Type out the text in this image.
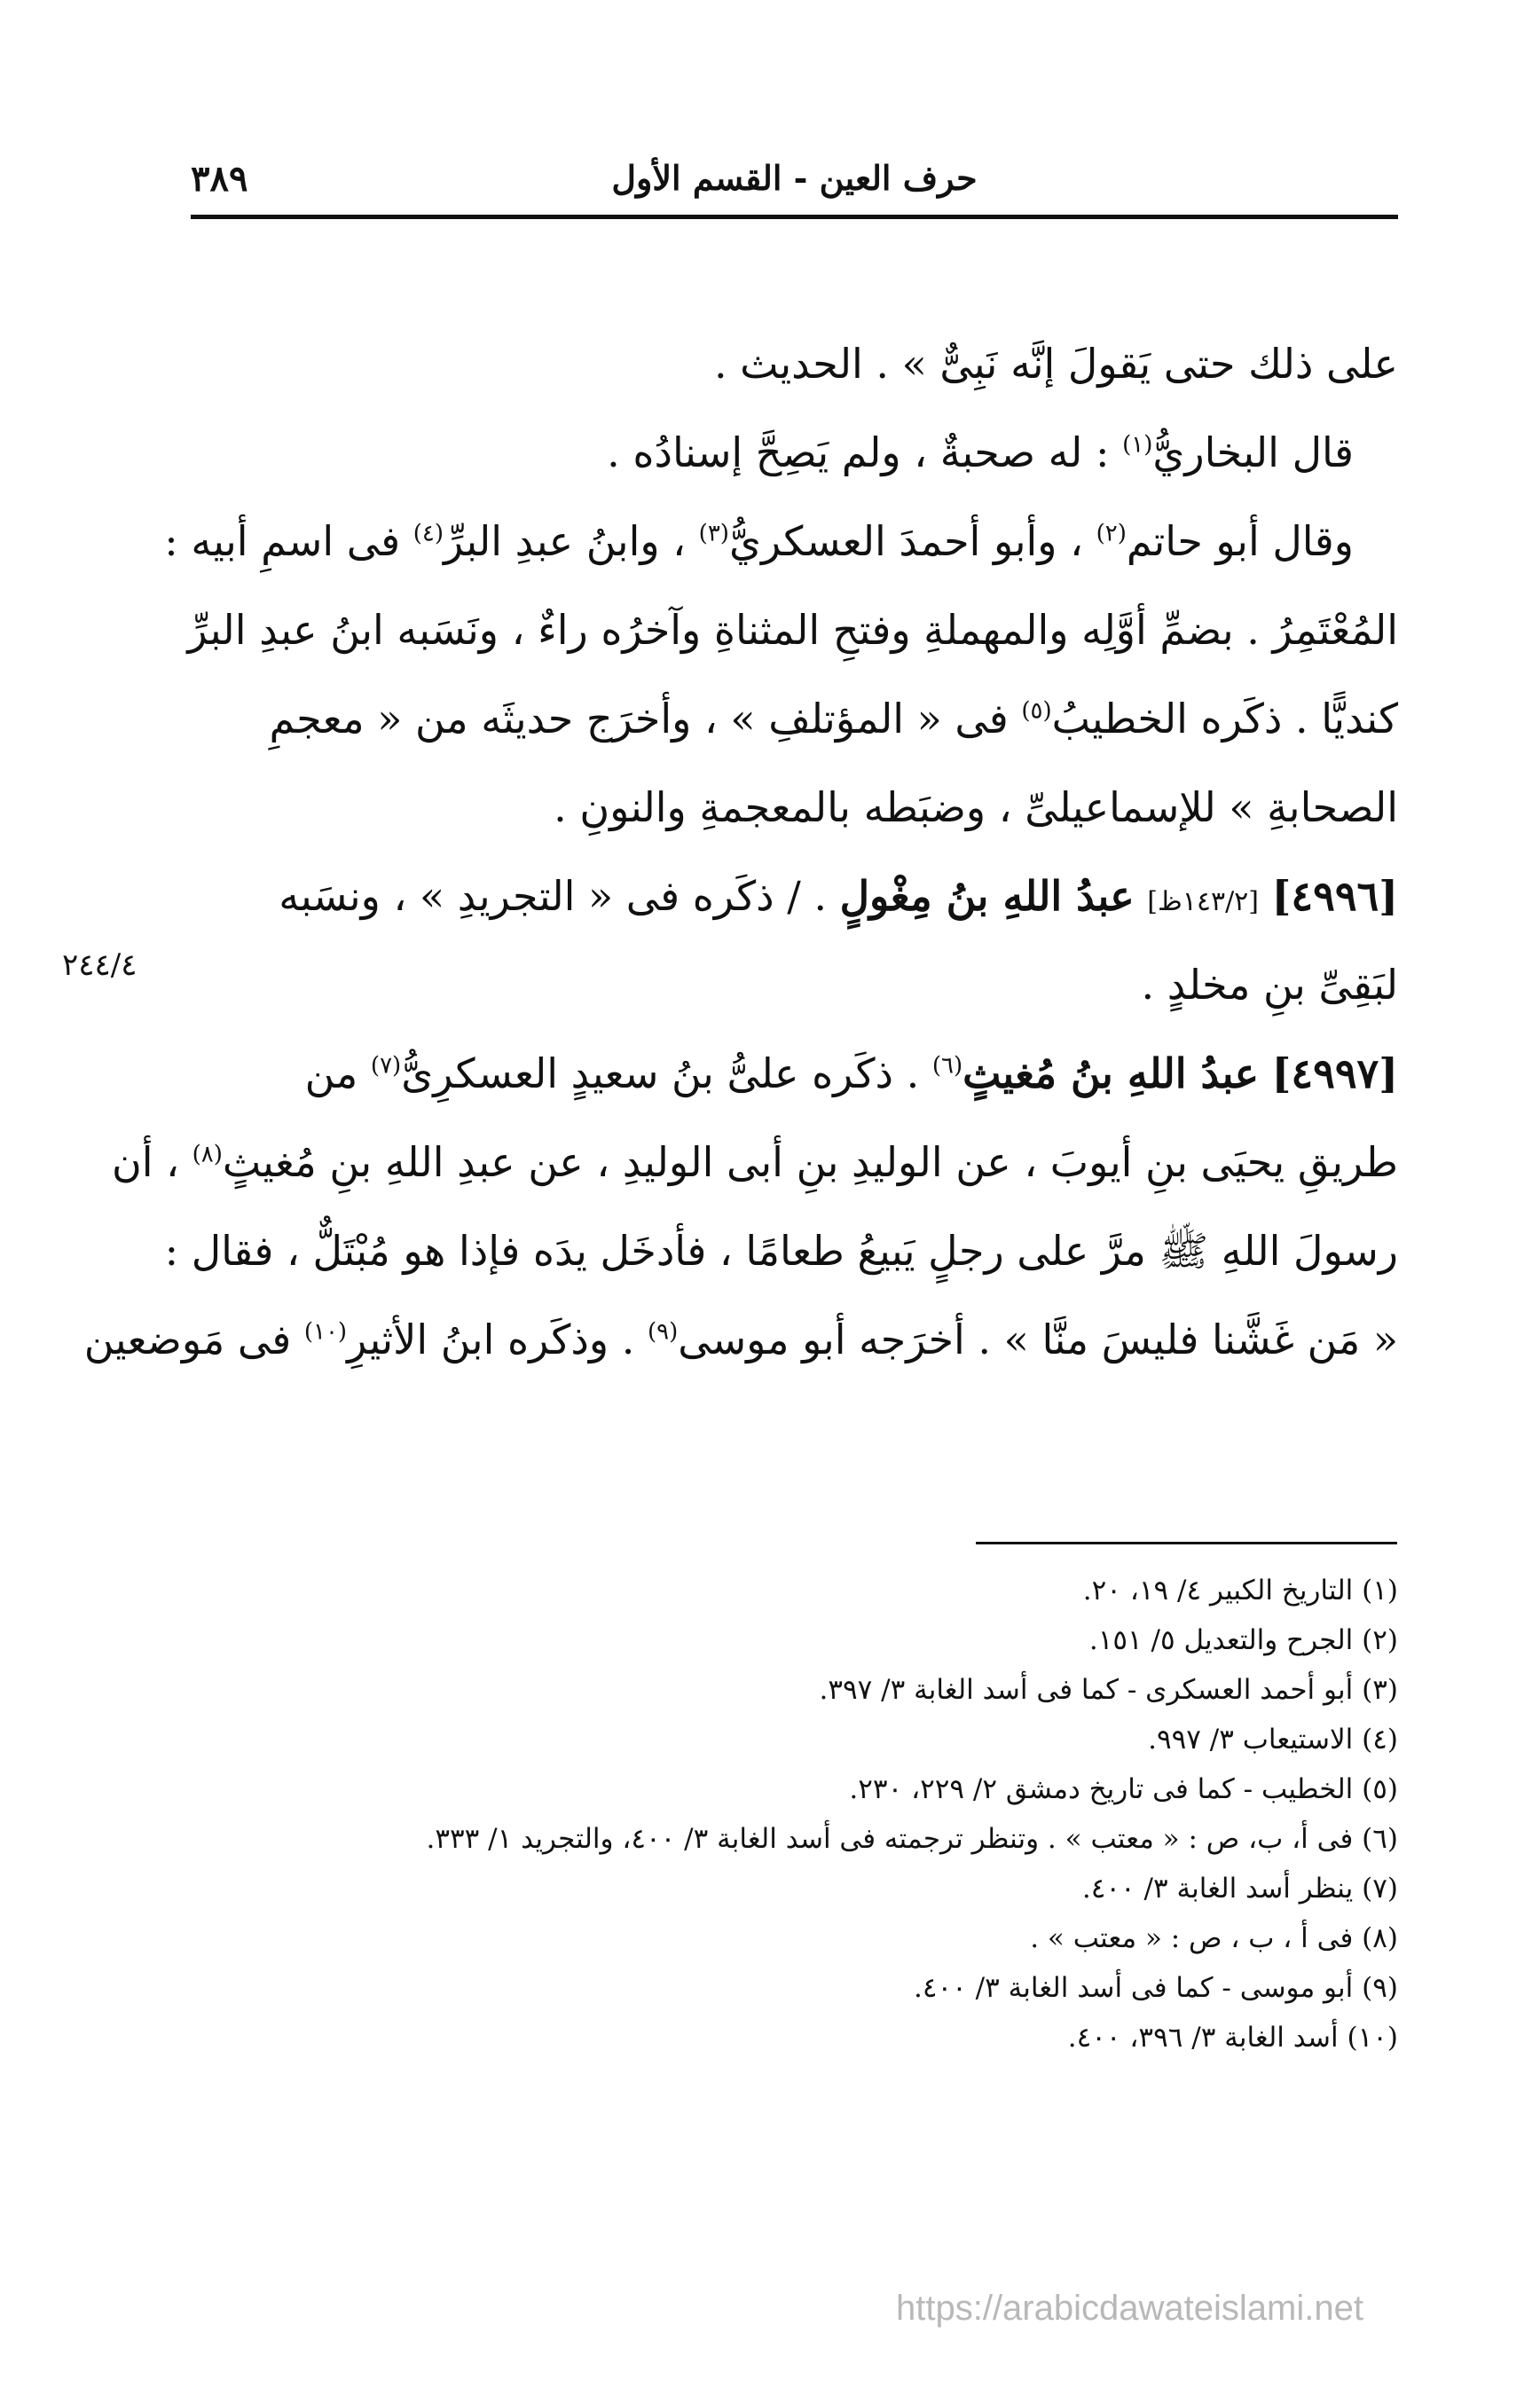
٣٨٩	حرف العين - القسم الأول
على ذلك حتى يَقولَ إنَّه نَبِىٌّ » . الحديث .
قال البخاريُّ$^{(١)}$ : له صحبةٌ ، ولم يَصِحَّ إسنادُه .
وقال أبو حاتم$^{(٢)}$ ، وأبو أحمدَ العسكريُّ$^{(٣)}$ ، وابنُ عبدِ البرِّ$^{(٤)}$ فى اسمِ أبيه :
المُعْتَمِرُ . بضمِّ أوَّلِه والمهملةِ وفتحِ المثناةِ وآخرُه راءٌ ، ونَسَبه ابنُ عبدِ البرِّ
كنديًّا . ذكَره الخطيبُ$^{(٥)}$ فى « المؤتلفِ » ، وأخرَج حديثَه من « معجمِ
الصحابةِ » للإسماعيلىِّ ، وضبَطه بالمعجمةِ والنونِ .
[٤٩٩٦] [١٤٣/٢ظ] عبدُ اللهِ بنُ مِغْولٍ . / ذكَره فى « التجريدِ » ، ونسَبه
لبَقِىِّ بنِ مخلدٍ .
[٤٩٩٧] عبدُ اللهِ بنُ مُغيثٍ$^{(٦)}$ . ذكَره علىُّ بنُ سعيدٍ العسكرِىُّ$^{(٧)}$ من
طريقِ يحيَى بنِ أيوبَ ، عن الوليدِ بنِ أبى الوليدِ ، عن عبدِ اللهِ بنِ مُغيثٍ$^{(٨)}$ ، أن
رسولَ اللهِ ﷺ مرَّ على رجلٍ يَبيعُ طعامًا ، فأدخَل يدَه فإذا هو مُبْتَلٌّ ، فقال :
« مَن غَشَّنا فليسَ منَّا » . أخرَجه أبو موسى$^{(٩)}$ . وذكَره ابنُ الأثيرِ$^{(١٠)}$ فى مَوضعين
٢٤٤/٤
(١) التاريخ الكبير ٤/ ١٩، ٢٠.
(٢) الجرح والتعديل ٥/ ١٥١.
(٣) أبو أحمد العسكرى - كما فى أسد الغابة ٣/ ٣٩٧.
(٤) الاستيعاب ٣/ ٩٩٧.
(٥) الخطيب - كما فى تاريخ دمشق ٢/ ٢٢٩، ٢٣٠.
(٦) فى أ، ب، ص : « معتب » . وتنظر ترجمته فى أسد الغابة ٣/ ٤٠٠، والتجريد ١/ ٣٣٣.
(٧) ينظر أسد الغابة ٣/ ٤٠٠.
(٨) فى أ ، ب ، ص : « معتب » .
(٩) أبو موسى - كما فى أسد الغابة ٣/ ٤٠٠.
(١٠) أسد الغابة ٣/ ٣٩٦، ٤٠٠.
https://arabicdawateislami.net
